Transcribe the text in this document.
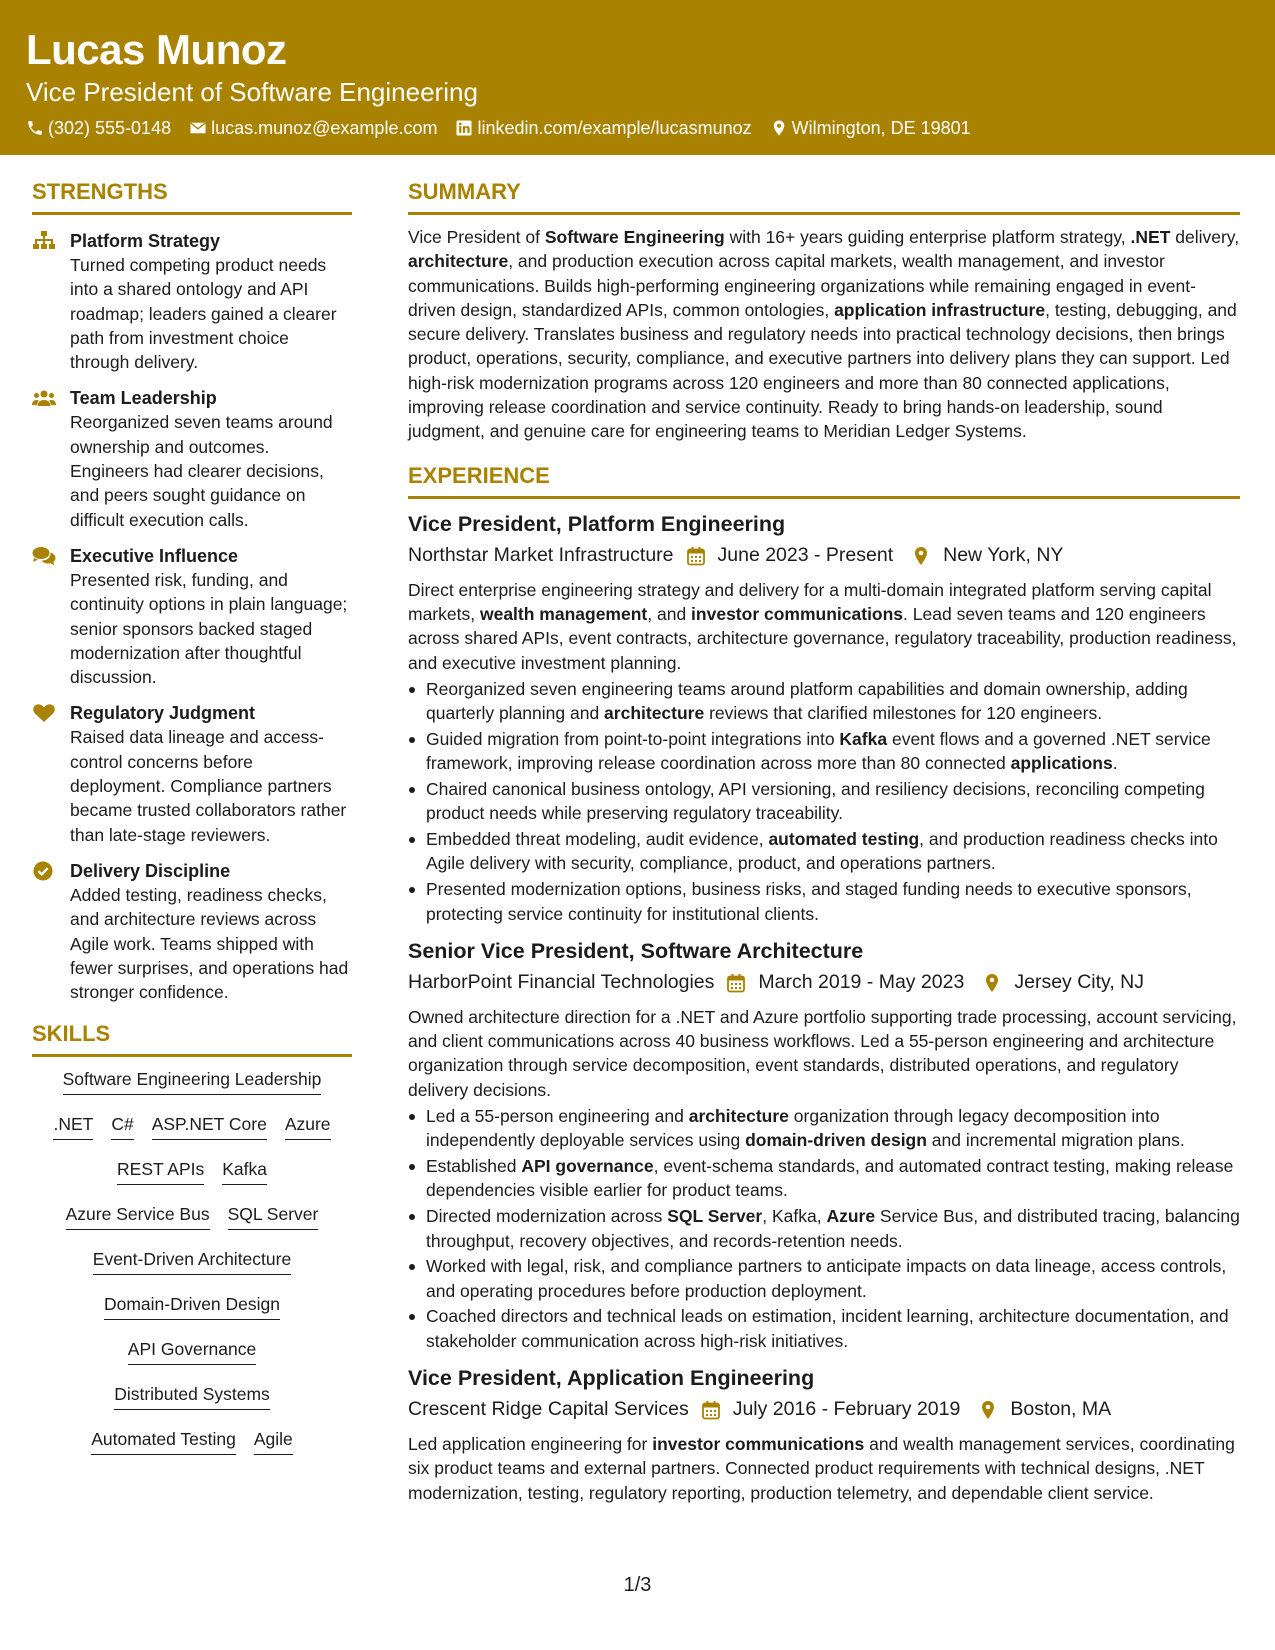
Lucas Munoz
Vice President of Software Engineering
(302) 555-0148 lucas.munoz@example.com linkedin.com/example/lucasmunoz Wilmington, DE 19801
STRENGTHS
Platform Strategy

Turned competing product needs into a shared ontology and API roadmap; leaders gained a clearer path from investment choice through delivery.

Team Leadership

Reorganized seven teams around ownership and outcomes. Engineers had clearer decisions, and peers sought guidance on difficult execution calls.

Executive Influence

Presented risk, funding, and continuity options in plain language; senior sponsors backed staged modernization after thoughtful discussion.

Regulatory Judgment

Raised data lineage and access-control concerns before deployment. Compliance partners became trusted collaborators rather than late-stage reviewers.

Delivery Discipline

Added testing, readiness checks, and architecture reviews across Agile work. Teams shipped with fewer surprises, and operations had stronger confidence.

SKILLS
Software Engineering Leadership
.NET C# ASP.NET Core Azure
REST APIs Kafka
Azure Service Bus SQL Server
Event-Driven Architecture
Domain-Driven Design
API Governance
Distributed Systems
Automated Testing Agile
SUMMARY
Vice President of Software Engineering with 16+ years guiding enterprise platform strategy, .NET delivery, architecture, and production execution across capital markets, wealth management, and investor communications. Builds high-performing engineering organizations while remaining engaged in event-driven design, standardized APIs, common ontologies, application infrastructure, testing, debugging, and secure delivery. Translates business and regulatory needs into practical technology decisions, then brings product, operations, security, compliance, and executive partners into delivery plans they can support. Led high-risk modernization programs across 120 engineers and more than 80 connected applications, improving release coordination and service continuity. Ready to bring hands-on leadership, sound judgment, and genuine care for engineering teams to Meridian Ledger Systems.
EXPERIENCE
Vice President, Platform Engineering
Northstar Market Infrastructure June 2023 - Present	New York, NY
Direct enterprise engineering strategy and delivery for a multi-domain integrated platform serving capital markets, wealth management, and investor communications. Lead seven teams and 120 engineers across shared APIs, event contracts, architecture governance, regulatory traceability, production readiness, and executive investment planning.
Reorganized seven engineering teams around platform capabilities and domain ownership, adding quarterly planning and architecture reviews that clarified milestones for 120 engineers.
Guided migration from point-to-point integrations into Kafka event flows and a governed .NET service framework, improving release coordination across more than 80 connected applications.
Chaired canonical business ontology, API versioning, and resiliency decisions, reconciling competing product needs while preserving regulatory traceability.
Embedded threat modeling, audit evidence, automated testing, and production readiness checks into Agile delivery with security, compliance, product, and operations partners.
Presented modernization options, business risks, and staged funding needs to executive sponsors, protecting service continuity for institutional clients.
Senior Vice President, Software Architecture
HarborPoint Financial Technologies March 2019 - May 2023	Jersey City, NJ
Owned architecture direction for a .NET and Azure portfolio supporting trade processing, account servicing, and client communications across 40 business workflows. Led a 55-person engineering and architecture organization through service decomposition, event standards, distributed operations, and regulatory delivery decisions.
Led a 55-person engineering and architecture organization through legacy decomposition into independently deployable services using domain-driven design and incremental migration plans.
Established API governance, event-schema standards, and automated contract testing, making release dependencies visible earlier for product teams.
Directed modernization across SQL Server, Kafka, Azure Service Bus, and distributed tracing, balancing throughput, recovery objectives, and records-retention needs.
Worked with legal, risk, and compliance partners to anticipate impacts on data lineage, access controls, and operating procedures before production deployment.
Coached directors and technical leads on estimation, incident learning, architecture documentation, and stakeholder communication across high-risk initiatives.
Vice President, Application Engineering
Crescent Ridge Capital Services July 2016 - February 2019	Boston, MA
Led application engineering for investor communications and wealth management services, coordinating six product teams and external partners. Connected product requirements with technical designs, .NET modernization, testing, regulatory reporting, production telemetry, and dependable client service.
1/3
